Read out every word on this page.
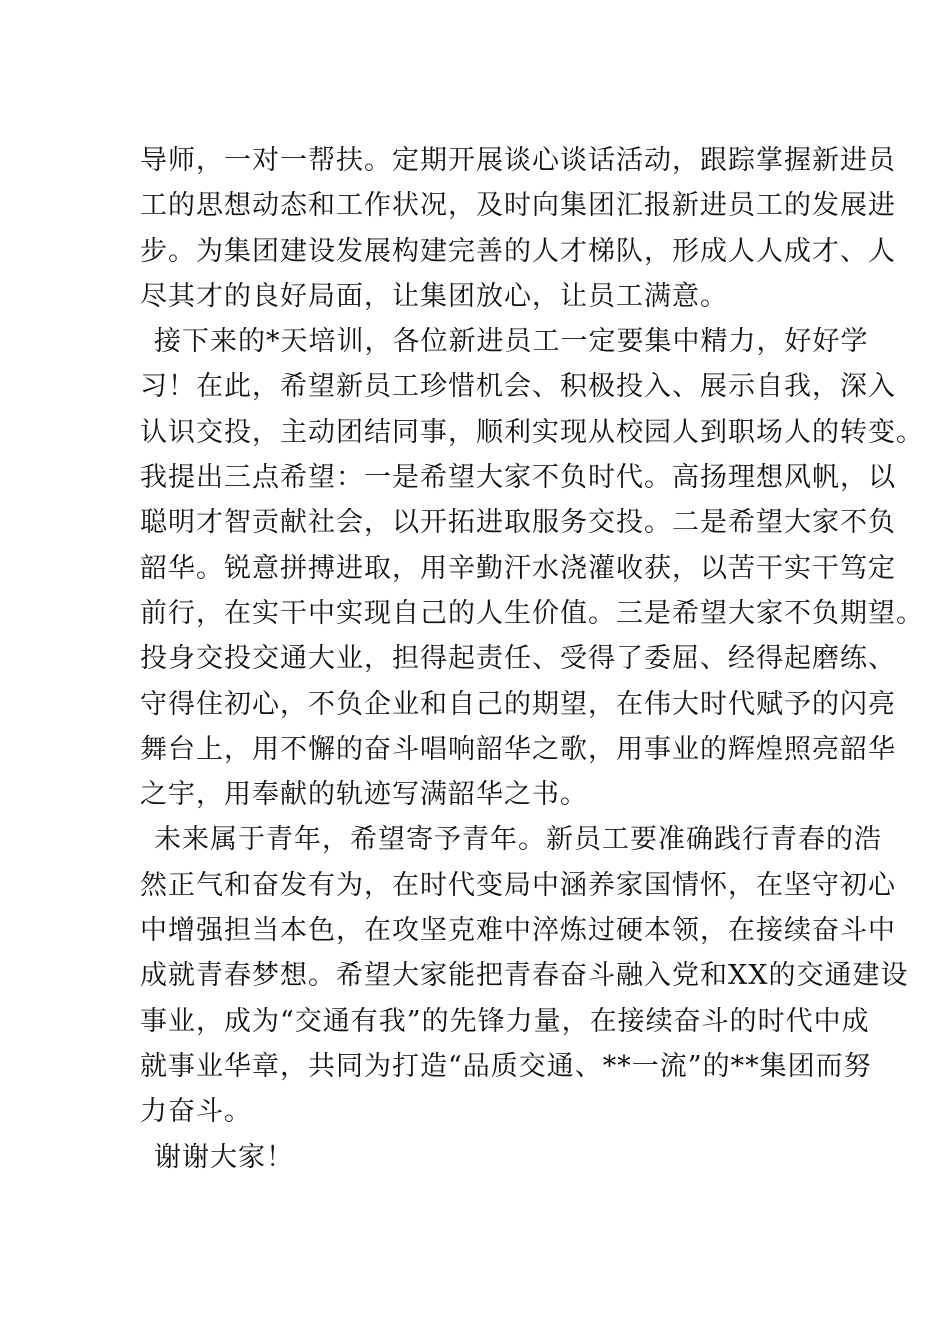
导师，一对一帮扶。定期开展谈心谈话活动，跟踪掌握新进员
工的思想动态和工作状况，及时向集团汇报新进员工的发展进
步。为集团建设发展构建完善的人才梯队，形成人人成才、人
尽其才的良好局面，让集团放心，让员工满意。
接下来的*天培训，各位新进员工一定要集中精力，好好学
习！在此，希望新员工珍惜机会、积极投入、展示自我，深入
认识交投，主动团结同事，顺利实现从校园人到职场人的转变。
我提出三点希望：一是希望大家不负时代。高扬理想风帆，以
聪明才智贡献社会，以开拓进取服务交投。二是希望大家不负
韶华。锐意拼搏进取，用辛勤汗水浇灌收获，以苦干实干笃定
前行，在实干中实现自己的人生价值。三是希望大家不负期望。
投身交投交通大业，担得起责任、受得了委屈、经得起磨练、
守得住初心，不负企业和自己的期望，在伟大时代赋予的闪亮
舞台上，用不懈的奋斗唱响韶华之歌，用事业的辉煌照亮韶华
之宇，用奉献的轨迹写满韶华之书。
未来属于青年，希望寄予青年。新员工要准确践行青春的浩
然正气和奋发有为，在时代变局中涵养家国情怀，在坚守初心
中增强担当本色，在攻坚克难中淬炼过硬本领，在接续奋斗中
成就青春梦想。希望大家能把青春奋斗融入党和XX的交通建设
事业，成为“交通有我”的先锋力量，在接续奋斗的时代中成
就事业华章，共同为打造“品质交通、**一流”的**集团而努
力奋斗。
谢谢大家！
